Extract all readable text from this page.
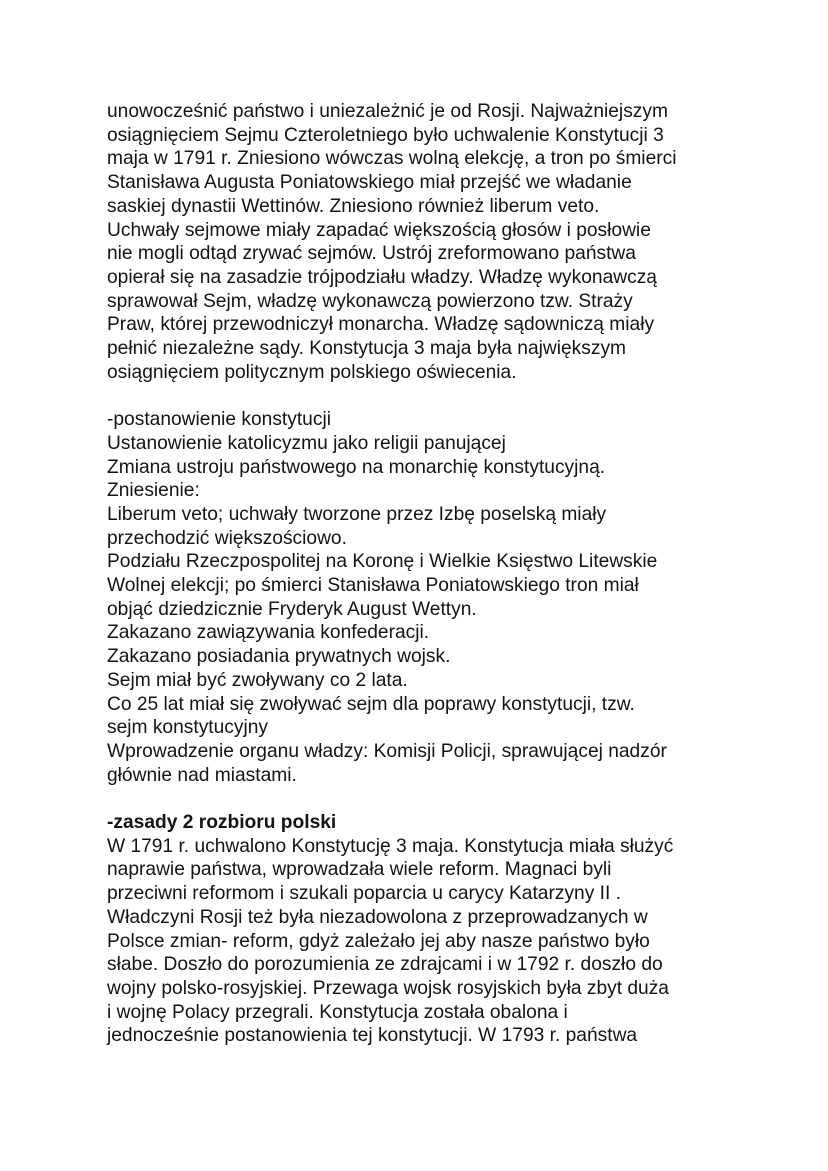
unowocześnić państwo i uniezależnić je od Rosji. Najważniejszym
osiągnięciem Sejmu Czteroletniego było uchwalenie Konstytucji 3
maja w 1791 r. Zniesiono wówczas wolną elekcję, a tron po śmierci
Stanisława Augusta Poniatowskiego miał przejść we władanie
saskiej dynastii Wettinów. Zniesiono również liberum veto.
Uchwały sejmowe miały zapadać większością głosów i posłowie
nie mogli odtąd zrywać sejmów. Ustrój zreformowano państwa
opierał się na zasadzie trójpodziału władzy. Władzę wykonawczą
sprawował Sejm, władzę wykonawczą powierzono tzw. Straży
Praw, której przewodniczył monarcha. Władzę sądowniczą miały
pełnić niezależne sądy. Konstytucja 3 maja była największym
osiągnięciem politycznym polskiego oświecenia.
-postanowienie konstytucji
Ustanowienie katolicyzmu jako religii panującej
Zmiana ustroju państwowego na monarchię konstytucyjną.
Zniesienie:
Liberum veto; uchwały tworzone przez Izbę poselską miały
przechodzić większościowo.
Podziału Rzeczpospolitej na Koronę i Wielkie Księstwo Litewskie
Wolnej elekcji; po śmierci Stanisława Poniatowskiego tron miał
objąć dziedzicznie Fryderyk August Wettyn.
Zakazano zawiązywania konfederacji.
Zakazano posiadania prywatnych wojsk.
Sejm miał być zwoływany co 2 lata.
Co 25 lat miał się zwoływać sejm dla poprawy konstytucji, tzw.
sejm konstytucyjny
Wprowadzenie organu władzy: Komisji Policji, sprawującej nadzór
głównie nad miastami.
-zasady 2 rozbioru polski
W 1791 r. uchwalono Konstytucję 3 maja. Konstytucja miała służyć
naprawie państwa, wprowadzała wiele reform. Magnaci byli
przeciwni reformom i szukali poparcia u carycy Katarzyny II .
Władczyni Rosji też była niezadowolona z przeprowadzanych w
Polsce zmian- reform, gdyż zależało jej aby nasze państwo było
słabe. Doszło do porozumienia ze zdrajcami i w 1792 r. doszło do
wojny polsko-rosyjskiej. Przewaga wojsk rosyjskich była zbyt duża
i wojnę Polacy przegrali. Konstytucja została obalona i
jednocześnie postanowienia tej konstytucji. W 1793 r. państwa
